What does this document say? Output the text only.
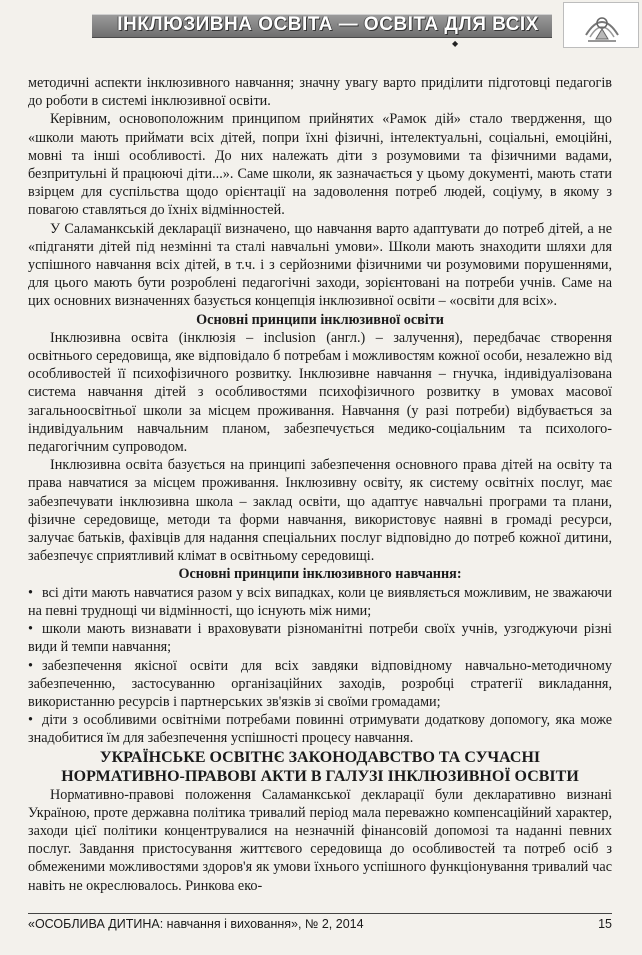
ІНКЛЮЗИВНА ОСВІТА — ОСВІТА ДЛЯ ВСІХ
◆

методичні аспекти інклюзивного навчання; значну увагу варто приділити підготовці педагогів до роботи в системі інклюзивної освіти.

Керівним, основоположним принципом прийнятих «Рамок дій» стало твердження, що «школи мають приймати всіх дітей, попри їхні фізичні, інтелектуальні, соціальні, емоційні, мовні та інші особливості. До них належать діти з розумовими та фізичними вадами, безпритульні й працюючі діти...». Саме школи, як зазначається у цьому документі, мають стати взірцем для суспільства щодо орієнтації на задоволення потреб людей, соціуму, в якому з повагою ставляться до їхніх відмінностей.

У Саламанкській декларації визначено, що навчання варто адаптувати до потреб дітей, а не «підганяти дітей під незмінні та сталі навчальні умови». Школи мають знаходити шляхи для успішного навчання всіх дітей, в т.ч. і з серйозними фізичними чи розумовими порушеннями, для цього мають бути розроблені педагогічні заходи, зорієнтовані на потреби учнів. Саме на цих основних визначеннях базується концепція інклюзивної освіти – «освіти для всіх».

Основні принципи інклюзивної освіти

Інклюзивна освіта (інклюзія – inclusion (англ.) – залучення), передбачає створення освітнього середовища, яке відповідало б потребам і можливостям кожної особи, незалежно від особливостей її психофізичного розвитку. Інклюзивне навчання – гнучка, індивідуалізована система навчання дітей з особливостями психофізичного розвитку в умовах масової загальноосвітньої школи за місцем проживання. Навчання (у разі потреби) відбувається за індивідуальним навчальним планом, забезпечується медико-соціальним та психолого-педагогічним супроводом.

Інклюзивна освіта базується на принципі забезпечення основного права дітей на освіту та права навчатися за місцем проживання. Інклюзивну освіту, як систему освітніх послуг, має забезпечувати інклюзивна школа – заклад освіти, що адаптує навчальні програми та плани, фізичне середовище, методи та форми навчання, використовує наявні в громаді ресурси, залучає батьків, фахівців для надання спеціальних послуг відповідно до потреб кожної дитини, забезпечує сприятливий клімат в освітньому середовищі.

Основні принципи інклюзивного навчання:
• всі діти мають навчатися разом у всіх випадках, коли це виявляється можливим, не зважаючи на певні труднощі чи відмінності, що існують між ними;
• школи мають визнавати і враховувати різноманітні потреби своїх учнів, узгоджуючи різні види й темпи навчання;
• забезпечення якісної освіти для всіх завдяки відповідному навчально-методичному забезпеченню, застосуванню організаційних заходів, розробці стратегії викладання, використанню ресурсів і партнерських зв'язків зі своїми громадами;
• діти з особливими освітніми потребами повинні отримувати додаткову допомогу, яка може знадобитися їм для забезпечення успішності процесу навчання.
УКРАЇНСЬКЕ ОСВІТНЄ ЗАКОНОДАВСТВО ТА СУЧАСНІ
НОРМАТИВНО-ПРАВОВІ АКТИ В ГАЛУЗІ ІНКЛЮЗИВНОЇ ОСВІТИ

Нормативно-правові положення Саламанкської декларації були декларативно визнані Україною, проте державна політика тривалий період мала переважно компенсаційний характер, заходи цієї політики концентрувалися на незначній фінансовій допомозі та наданні певних послуг. Завдання пристосування життєвого середовища до особливостей та потреб осіб з обмеженими можливостями здоров'я як умови їхнього успішного функціонування тривалий час навіть не окреслювалось. Ринкова еко-

«ОСОБЛИВА ДИТИНА: навчання і виховання», № 2, 2014	15
